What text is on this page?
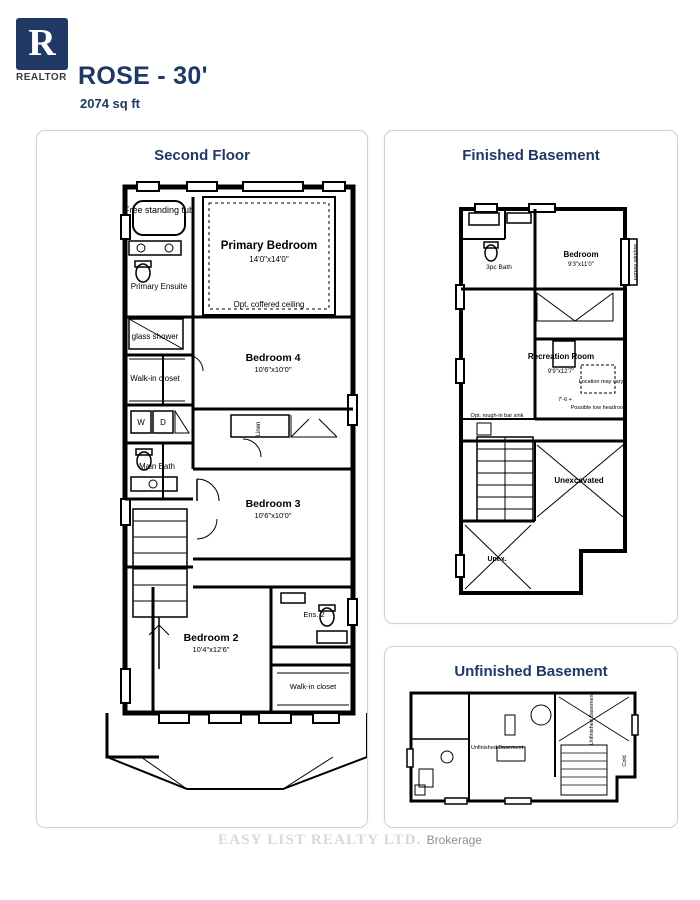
R
REALTOR ROSE - 30'
2074 sq ft
Second Floor
Free standing tub
Primary Bedroom
14'0"x14'0"
Opt. coffered ceiling
Primary Ensuite
glass shower
Walk-in closet
W D
Main Bath
Bedroom 4
10'6"x10'0"
Linen
Bedroom 3
10'6"x10'0"
Bedroom 2
10'4"x12'6"
Ens. 2
Walk-in closet
Finished Basement
3pc Bath
Bedroom
9'3"x11'0"	egress window
Recreation Room
9'9"x12'7"
Location may vary
Possible low headroom
7'-6 +
Opt. rough-in bar sink
Unexcavated
Unex.
Unfinished Basement
Unfinished Basement
Unfinished Basement
Cold
EASY LIST REALTY LTD. Brokerage
